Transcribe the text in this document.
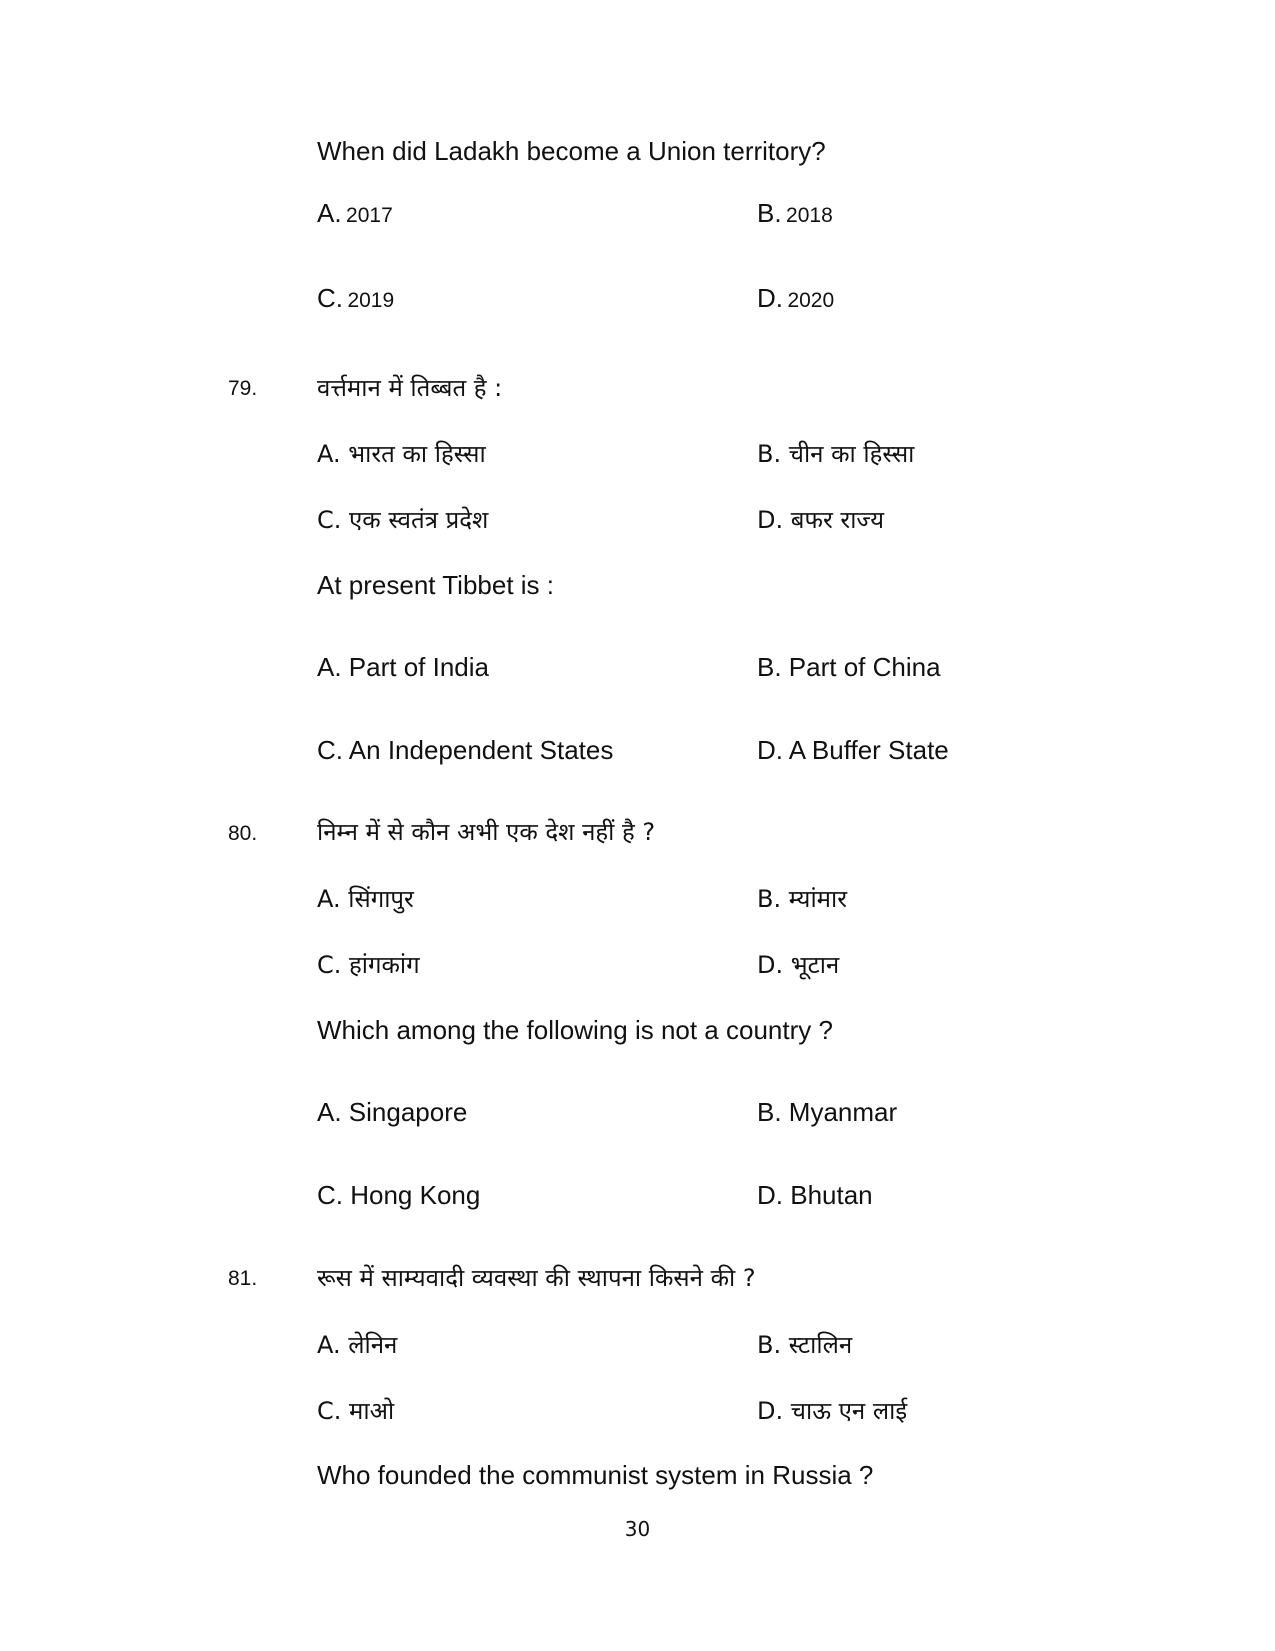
When did Ladakh become a Union territory?
A. 2017	B. 2018
C. 2019	D. 2020
79. वर्त्तमान में तिब्बत है :
A. भारत का हिस्सा	B. चीन का हिस्सा
C. एक स्वतंत्र प्रदेश	D. बफर राज्य
At present Tibbet is :
A. Part of India	B. Part of China
C. An Independent States	D. A Buffer State
80. निम्न में से कौन अभी एक देश नहीं है ?
A. सिंगापुर	B. म्यांमार
C. हांगकांग	D. भूटान
Which among the following is not a country ?
A. Singapore	B. Myanmar
C. Hong Kong	D. Bhutan
81. रूस में साम्यवादी व्यवस्था की स्थापना किसने की ?
A. लेनिन	B. स्टालिन
C. माओ	D. चाऊ एन लाई
Who founded the communist system in Russia ?
30
